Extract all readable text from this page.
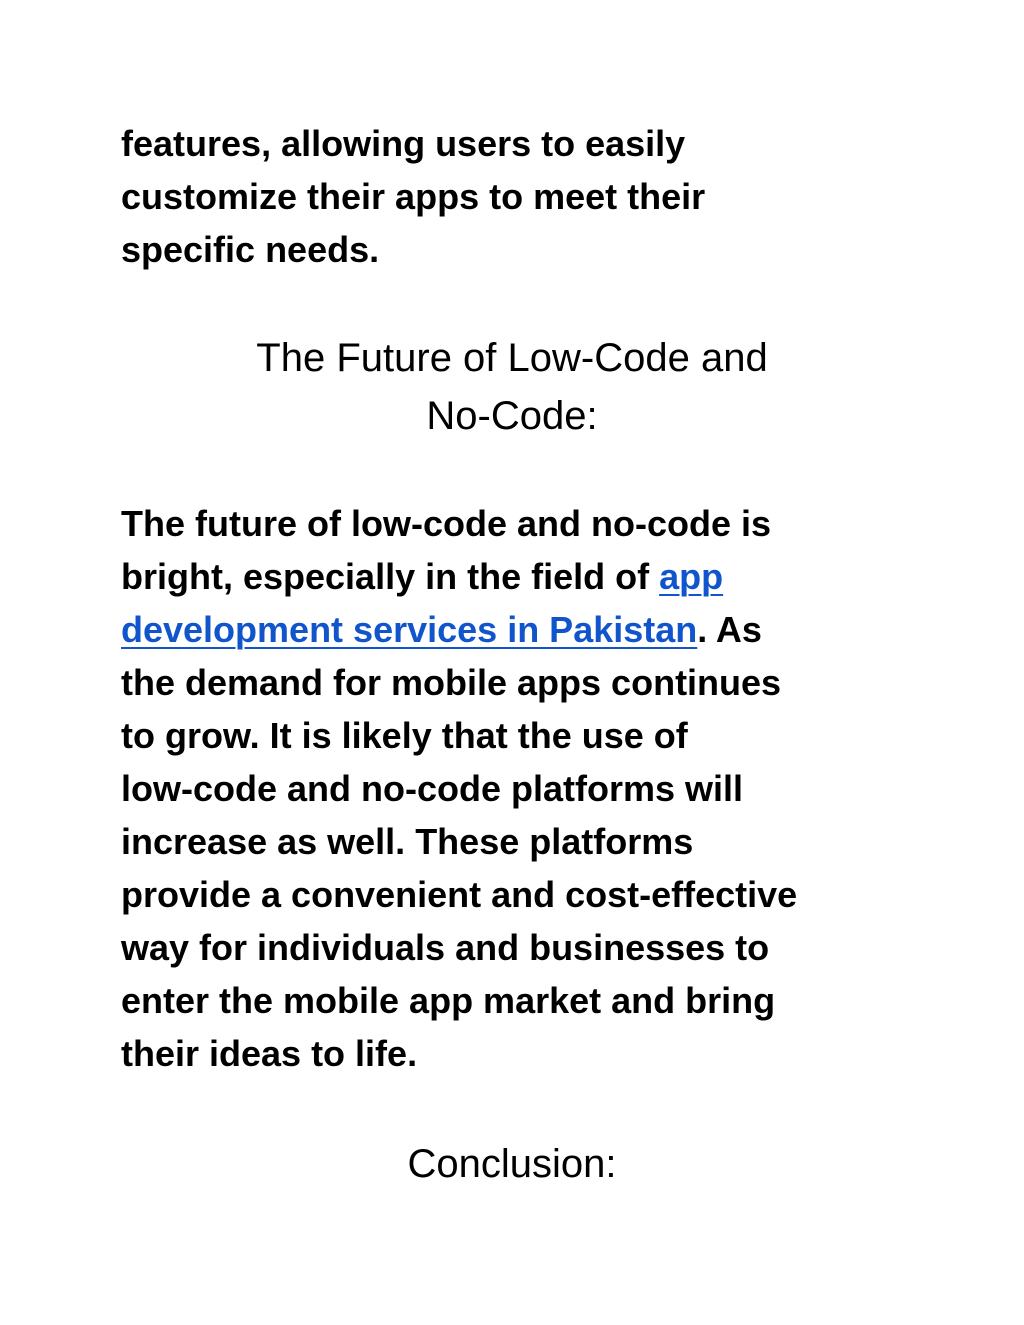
features, allowing users to easily
customize their apps to meet their
specific needs.

The Future of Low-Code and
No-Code:

The future of low-code and no-code is
bright, especially in the field of app
development services in Pakistan. As
the demand for mobile apps continues
to grow. It is likely that the use of
low-code and no-code platforms will
increase as well. These platforms
provide a convenient and cost-effective
way for individuals and businesses to
enter the mobile app market and bring
their ideas to life.

Conclusion:
